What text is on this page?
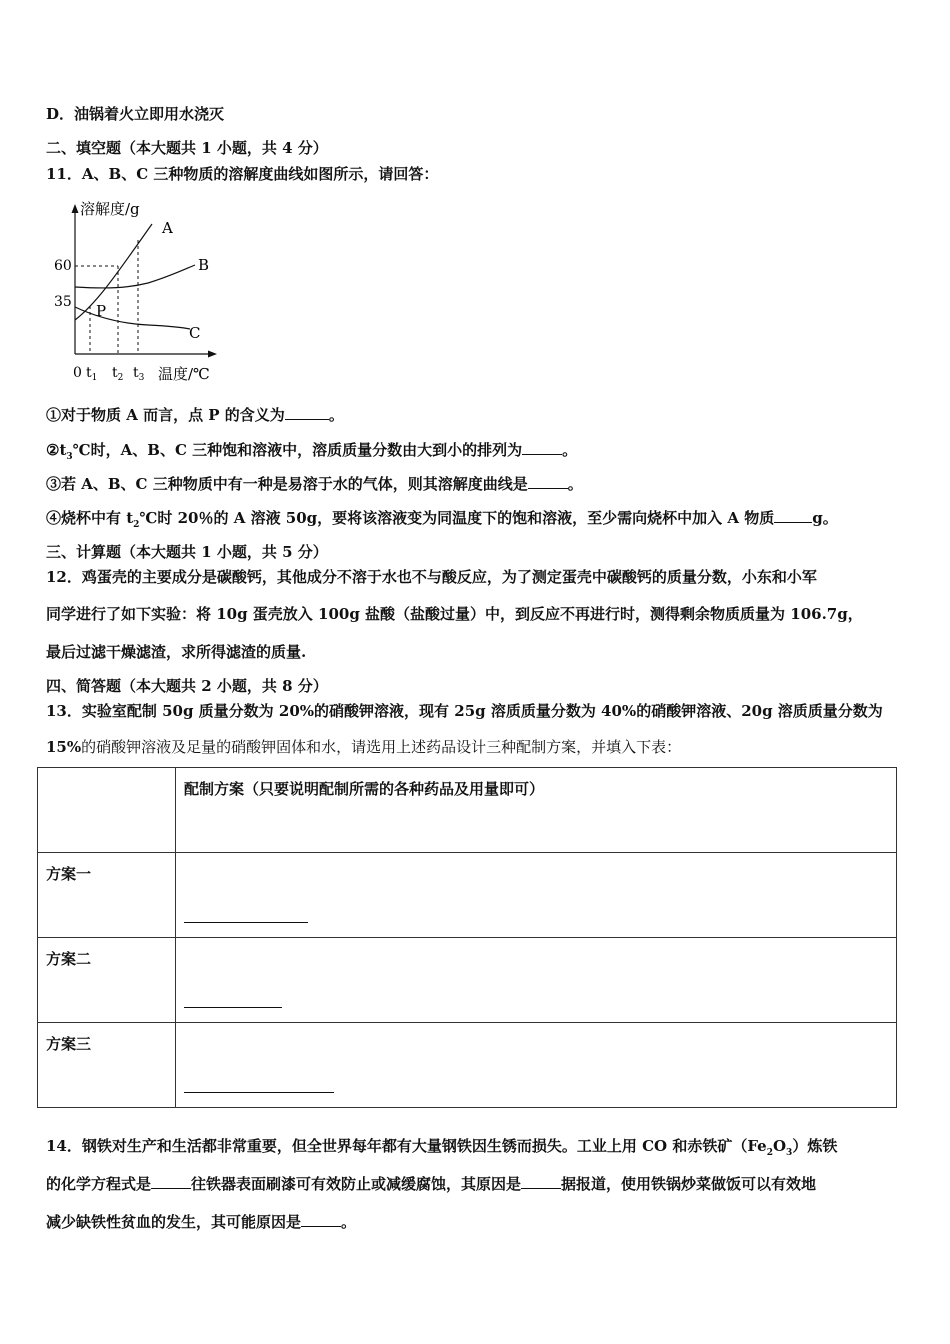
D．油锅着火立即用水浇灭
二、填空题（本大题共 1 小题，共 4 分）
11．A、B、C 三种物质的溶解度曲线如图所示，请回答：
溶解度/g
60
35
A
B
C
P
0 $t_1$ $t_2$ $t_3$ 温度/℃
①对于物质 A 而言，点 P 的含义为	。
$②t_3℃$时，A、B、C 三种饱和溶液中，溶质质量分数由大到小的排列为	。
③若 A、B、C 三种物质中有一种是易溶于水的气体，则其溶解度曲线是	。
④烧杯中有 $t_2℃$时 20％的 A 溶液 50g，要将该溶液变为同温度下的饱和溶液，至少需向烧杯中加入 A 物质	g。
三、计算题（本大题共 1 小题，共 5 分）
12．鸡蛋壳的主要成分是碳酸钙，其他成分不溶于水也不与酸反应，为了测定蛋壳中碳酸钙的质量分数，小东和小军
同学进行了如下实验：将 10g 蛋壳放入 100g 盐酸（盐酸过量）中，到反应不再进行时，测得剩余物质质量为 106.7g，
最后过滤干燥滤渣，求所得滤渣的质量.
四、简答题（本大题共 2 小题，共 8 分）
13．实验室配制 50g 质量分数为 20%的硝酸钾溶液，现有 25g 溶质质量分数为 40%的硝酸钾溶液、20g 溶质质量分数为
15%的硝酸钾溶液及足量的硝酸钾固体和水，请选用上述药品设计三种配制方案，并填入下表：

	配制方案（只要说明配制所需的各种药品及用量即可）

方案一	

方案二	

方案三	

14．钢铁对生产和生活都非常重要，但全世界每年都有大量钢铁因生锈而损失。工业上用 CO 和赤铁矿$(Fe_2O_3)$炼铁
的化学方程式是	往铁器表面刷漆可有效防止或减缓腐蚀，其原因是	据报道，使用铁锅炒菜做饭可以有效地
减少缺铁性贫血的发生，其可能原因是	。
